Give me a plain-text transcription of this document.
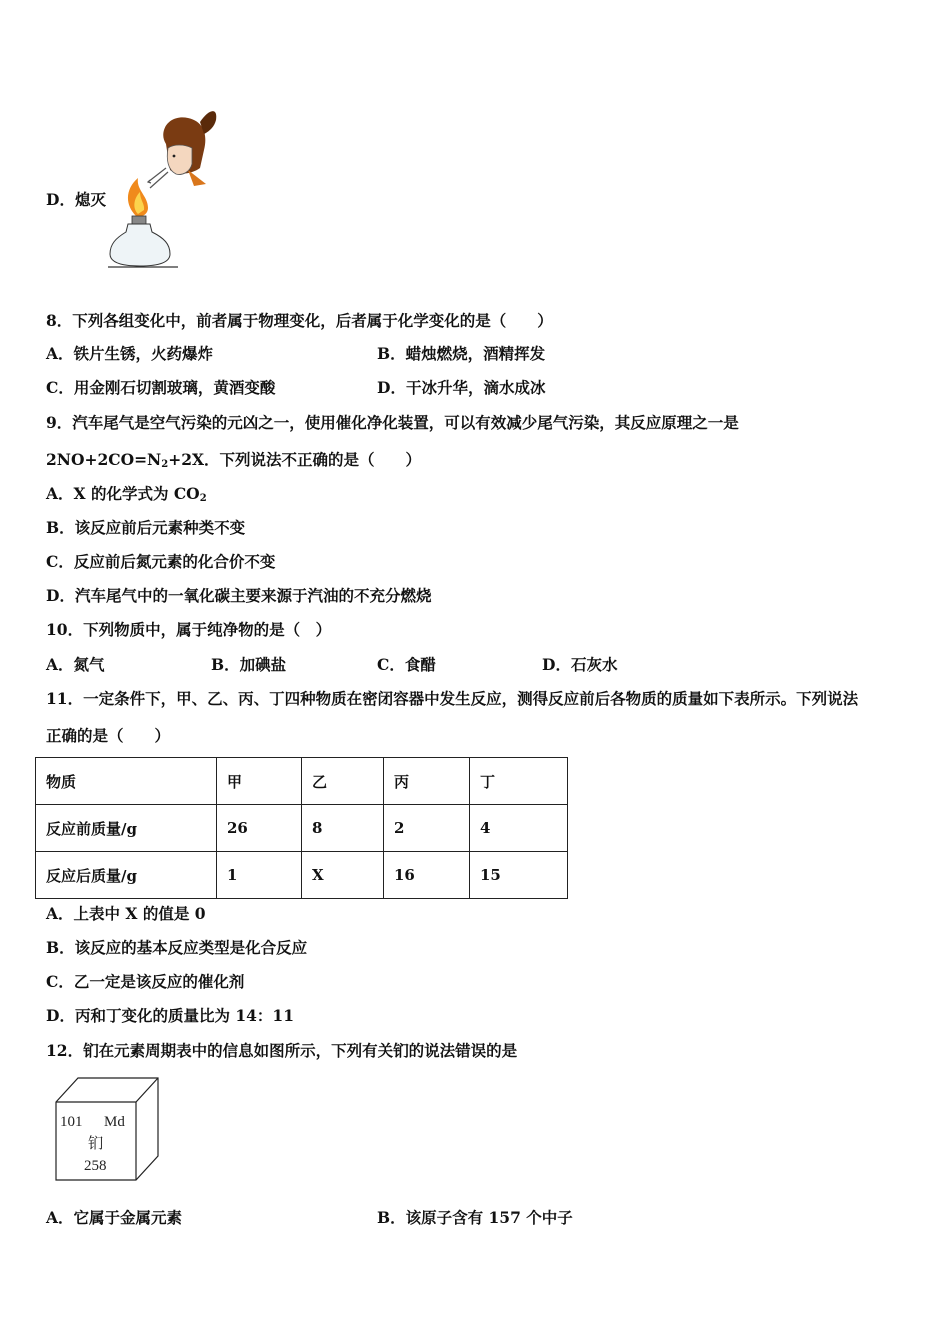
D．熄灭
8．下列各组变化中，前者属于物理变化，后者属于化学变化的是（　　）
A．铁片生锈，火药爆炸	B．蜡烛燃烧，酒精挥发
C．用金刚石切割玻璃，黄酒变酸	D．干冰升华，滴水成冰
9．汽车尾气是空气污染的元凶之一，使用催化净化装置，可以有效减少尾气污染，其反应原理之一是
$2NO+2CO=N_2+2X$．下列说法不正确的是（　　）
A．X 的化学式为 $CO_2$
B．该反应前后元素种类不变
C．反应前后氮元素的化合价不变
D．汽车尾气中的一氧化碳主要来源于汽油的不充分燃烧
10．下列物质中，属于纯净物的是（　）
A．氮气	B．加碘盐	C．食醋	D．石灰水
11．一定条件下，甲、乙、丙、丁四种物质在密闭容器中发生反应，测得反应前后各物质的质量如下表所示。下列说法
正确的是（　　）
物质	甲	乙	丙	丁
反应前质量/g	26	8	2	4
反应后质量/g	1	X	16	15
A．上表中 X 的值是 0
B．该反应的基本反应类型是化合反应
C．乙一定是该反应的催化剂
D．丙和丁变化的质量比为 14：11
12．钔在元素周期表中的信息如图所示，下列有关钔的说法错误的是
101 Md
钔
258
A．它属于金属元素	B．该原子含有 157 个中子
